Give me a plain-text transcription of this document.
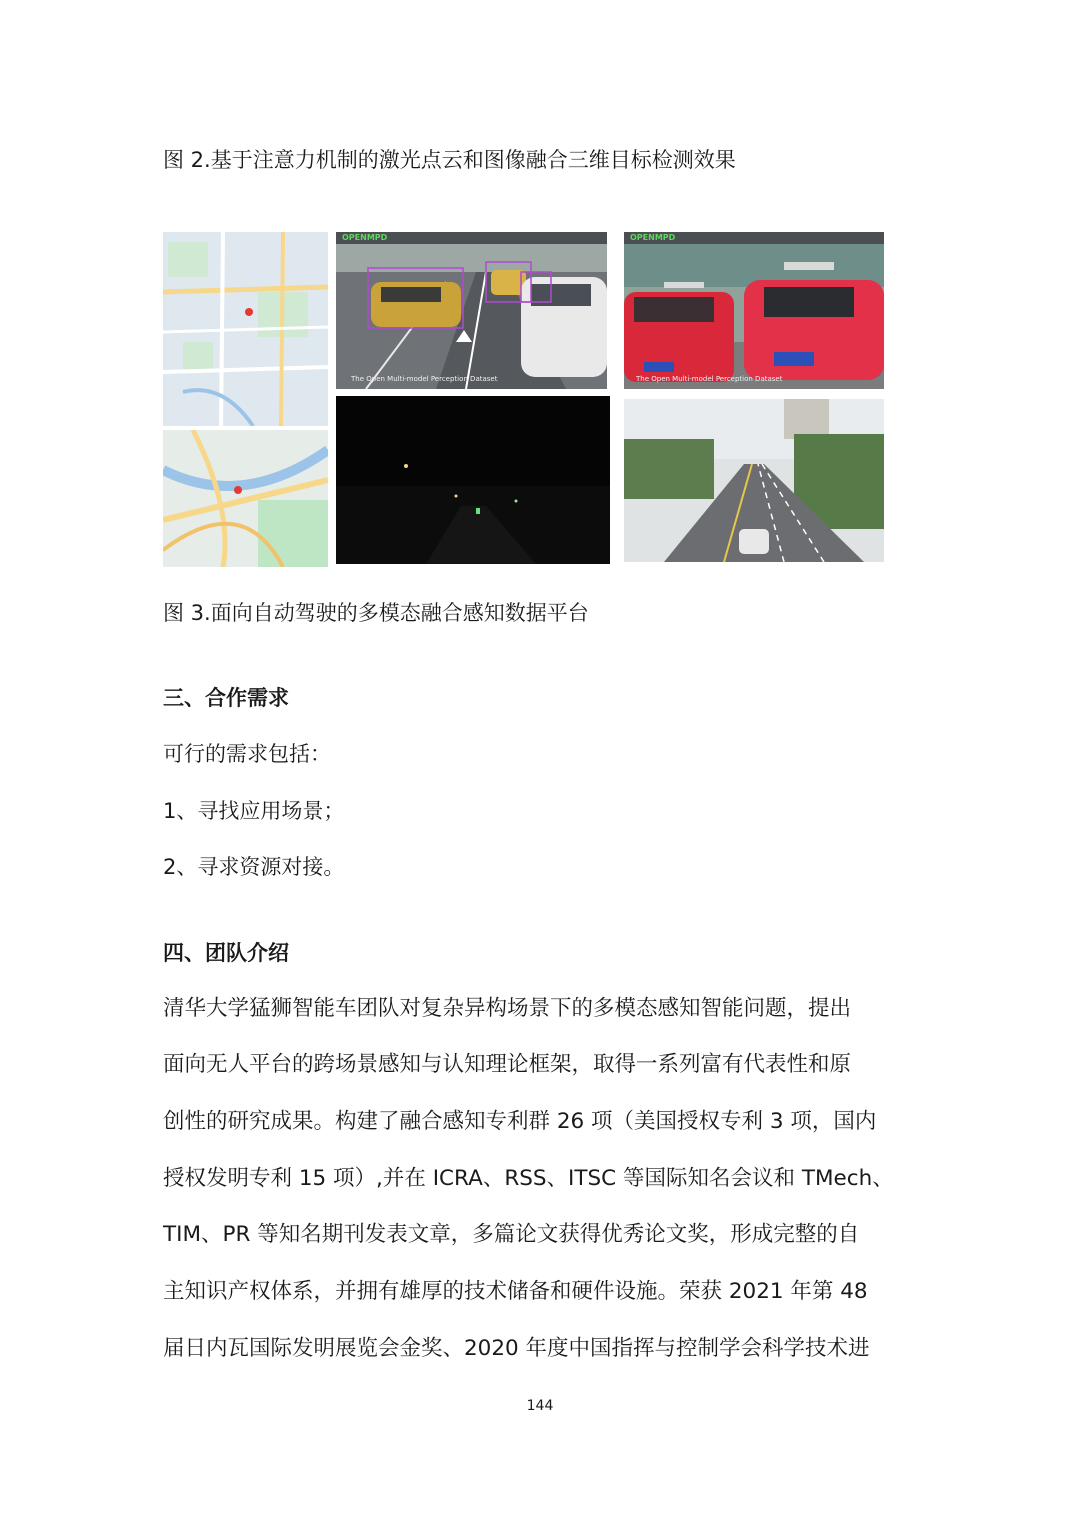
图 2.基于注意力机制的激光点云和图像融合三维目标检测效果
OPENMPD
The Open Multi-model Perception Dataset
OPENMPD
The Open Multi-model Perception Dataset
图 3.面向自动驾驶的多模态融合感知数据平台
三、合作需求
可行的需求包括：
1、寻找应用场景；
2、寻求资源对接。
四、团队介绍
清华大学猛狮智能车团队对复杂异构场景下的多模态感知智能问题，提出
面向无人平台的跨场景感知与认知理论框架，取得一系列富有代表性和原
创性的研究成果。构建了融合感知专利群 26 项（美国授权专利 3 项，国内
授权发明专利 15 项）,并在 ICRA、RSS、ITSC 等国际知名会议和 TMech、
TIM、PR 等知名期刊发表文章，多篇论文获得优秀论文奖，形成完整的自
主知识产权体系，并拥有雄厚的技术储备和硬件设施。荣获 2021 年第 48
届日内瓦国际发明展览会金奖、2020 年度中国指挥与控制学会科学技术进
144
